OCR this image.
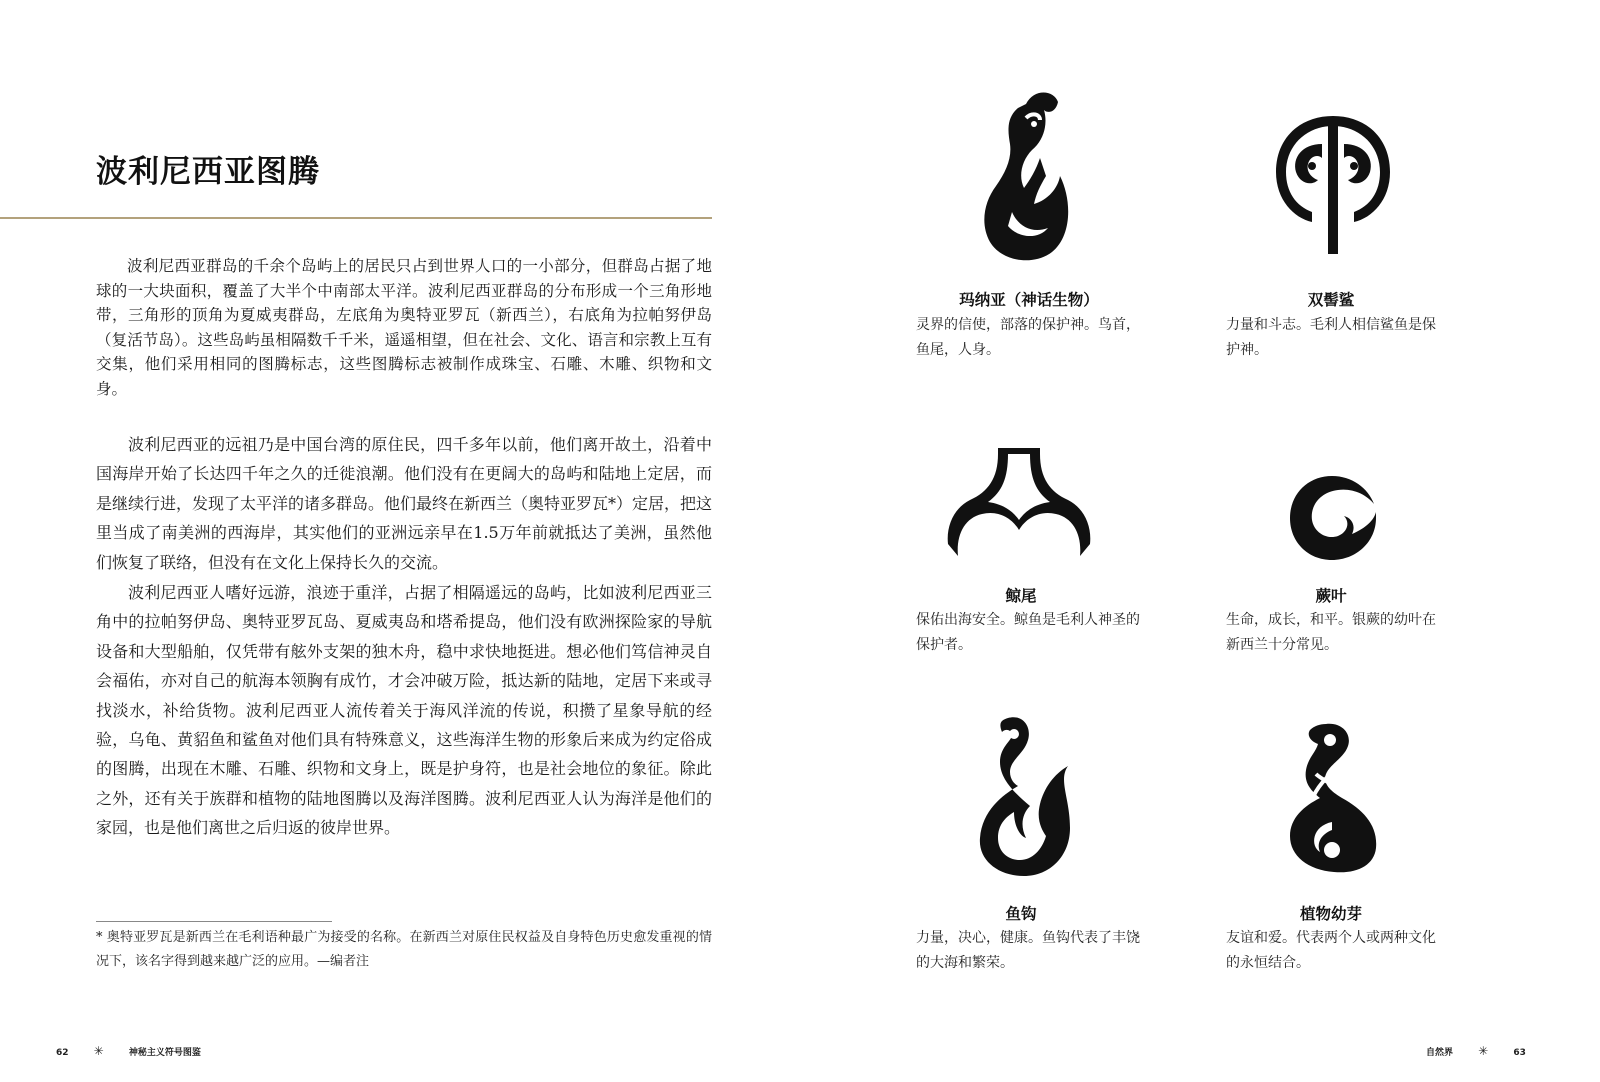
波利尼西亚图腾

波利尼西亚群岛的千余个岛屿上的居民只占到世界人口的一小部分，但群岛占据了地球的一大块面积，覆盖了大半个中南部太平洋。波利尼西亚群岛的分布形成一个三角形地带，三角形的顶角为夏威夷群岛，左底角为奥特亚罗瓦（新西兰），右底角为拉帕努伊岛（复活节岛）。这些岛屿虽相隔数千千米，遥遥相望，但在社会、文化、语言和宗教上互有交集，他们采用相同的图腾标志，这些图腾标志被制作成珠宝、石雕、木雕、织物和文身。

波利尼西亚的远祖乃是中国台湾的原住民，四千多年以前，他们离开故土，沿着中国海岸开始了长达四千年之久的迁徙浪潮。他们没有在更阔大的岛屿和陆地上定居，而是继续行进，发现了太平洋的诸多群岛。他们最终在新西兰（奥特亚罗瓦*）定居，把这里当成了南美洲的西海岸，其实他们的亚洲远亲早在1.5万年前就抵达了美洲，虽然他们恢复了联络，但没有在文化上保持长久的交流。

波利尼西亚人嗜好远游，浪迹于重洋，占据了相隔遥远的岛屿，比如波利尼西亚三角中的拉帕努伊岛、奥特亚罗瓦岛、夏威夷岛和塔希提岛，他们没有欧洲探险家的导航设备和大型船舶，仅凭带有舷外支架的独木舟，稳中求快地挺进。想必他们笃信神灵自会福佑，亦对自己的航海本领胸有成竹，才会冲破万险，抵达新的陆地，定居下来或寻找淡水，补给货物。波利尼西亚人流传着关于海风洋流的传说，积攒了星象导航的经验，乌龟、黄貂鱼和鲨鱼对他们具有特殊意义，这些海洋生物的形象后来成为约定俗成的图腾，出现在木雕、石雕、织物和文身上，既是护身符，也是社会地位的象征。除此之外，还有关于族群和植物的陆地图腾以及海洋图腾。波利尼西亚人认为海洋是他们的家园，也是他们离世之后归返的彼岸世界。

* 奥特亚罗瓦是新西兰在毛利语种最广为接受的名称。在新西兰对原住民权益及自身特色历史愈发重视的情况下，该名字得到越来越广泛的应用。—编者注

62 ✳	神秘主义符号图鉴
玛纳亚（神话生物）

灵界的信使，部落的保护神。鸟首，鱼尾，人身。

双髻鲨

力量和斗志。毛利人相信鲨鱼是保护神。

鲸尾

保佑出海安全。鲸鱼是毛利人神圣的保护者。

蕨叶

生命，成长，和平。银蕨的幼叶在新西兰十分常见。

鱼钩

力量，决心，健康。鱼钩代表了丰饶的大海和繁荣。

植物幼芽

友谊和爱。代表两个人或两种文化的永恒结合。

自然界 ✳	63
